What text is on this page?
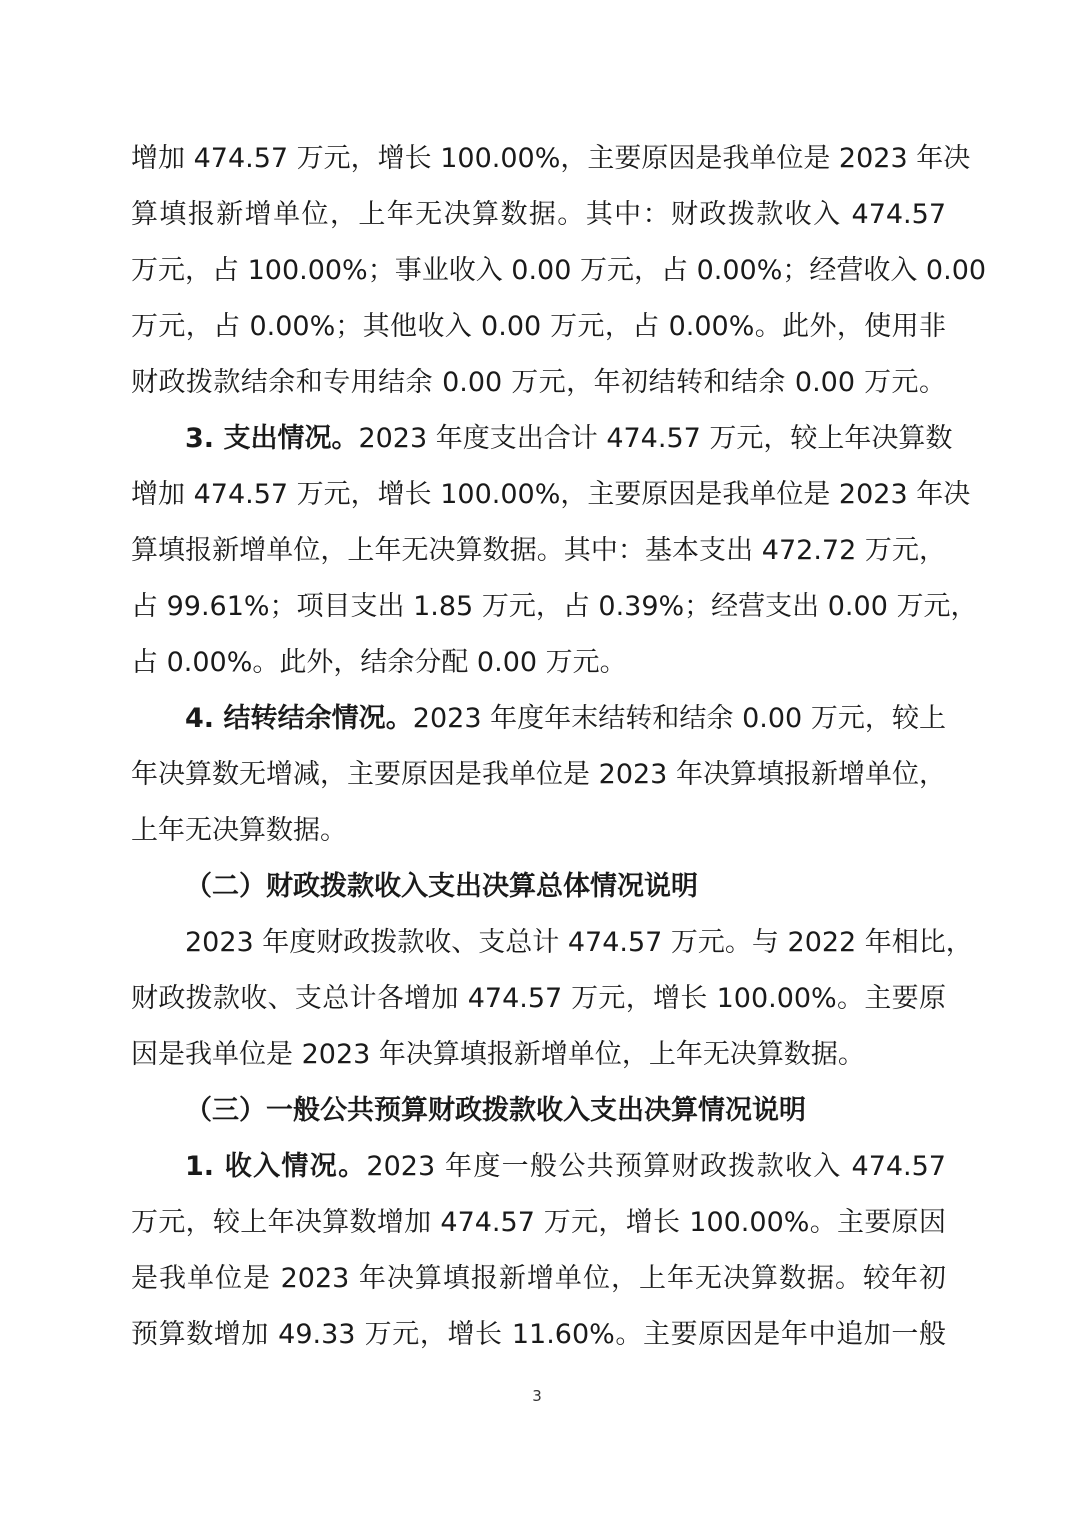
增加 474.57 万元，增长 100.00%，主要原因是我单位是 2023 年决
算填报新增单位，上年无决算数据。其中：财政拨款收入 474.57
万元，占 100.00%；事业收入 0.00 万元，占 0.00%；经营收入 0.00
万元，占 0.00%；其他收入 0.00 万元，占 0.00%。此外，使用非
财政拨款结余和专用结余 0.00 万元，年初结转和结余 0.00 万元。
3. 支出情况。2023 年度支出合计 474.57 万元，较上年决算数
增加 474.57 万元，增长 100.00%，主要原因是我单位是 2023 年决
算填报新增单位，上年无决算数据。其中：基本支出 472.72 万元，
占 99.61%；项目支出 1.85 万元，占 0.39%；经营支出 0.00 万元，
占 0.00%。此外，结余分配 0.00 万元。
4. 结转结余情况。2023 年度年末结转和结余 0.00 万元，较上
年决算数无增减，主要原因是我单位是 2023 年决算填报新增单位，
上年无决算数据。
（二）财政拨款收入支出决算总体情况说明
2023 年度财政拨款收、支总计 474.57 万元。与 2022 年相比，
财政拨款收、支总计各增加 474.57 万元，增长 100.00%。主要原
因是我单位是 2023 年决算填报新增单位，上年无决算数据。
（三）一般公共预算财政拨款收入支出决算情况说明
1. 收入情况。2023 年度一般公共预算财政拨款收入 474.57
万元，较上年决算数增加 474.57 万元，增长 100.00%。主要原因
是我单位是 2023 年决算填报新增单位，上年无决算数据。较年初
预算数增加 49.33 万元，增长 11.60%。主要原因是年中追加一般
3
